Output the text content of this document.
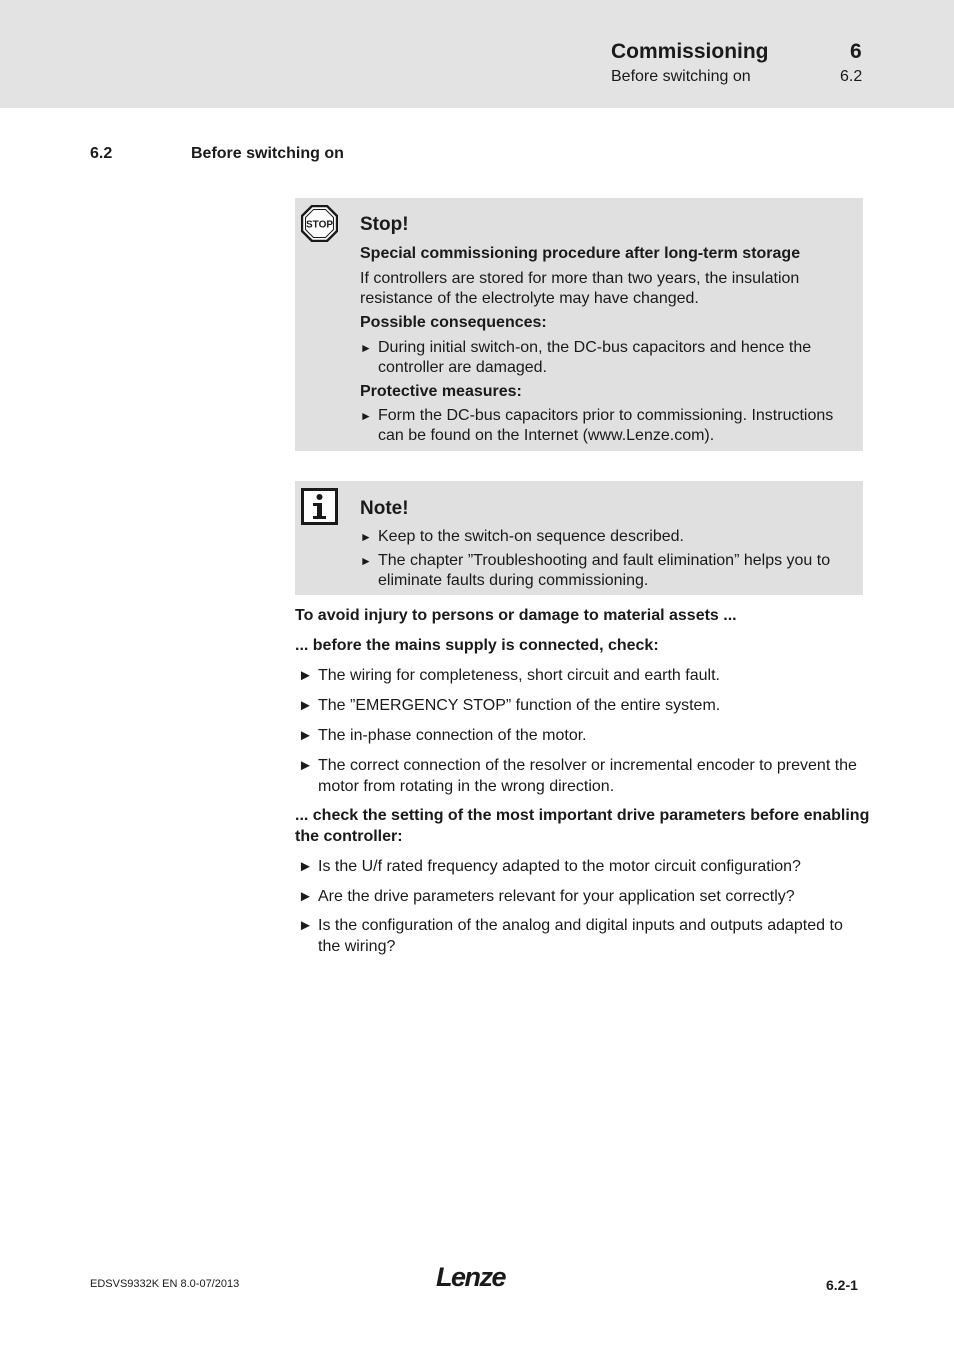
Commissioning	6
Before switching on	6.2
6.2	Before switching on
STOP Stop!
Special commissioning procedure after long-term storage
If controllers are stored for more than two years, the insulation resistance of the electrolyte may have changed.
Possible consequences:
► During initial switch-on, the DC-bus capacitors and hence the controller are damaged.
Protective measures:
► Form the DC-bus capacitors prior to commissioning. Instructions can be found on the Internet (www.Lenze.com).
Note!
► Keep to the switch-on sequence described.
► The chapter ”Troubleshooting and fault elimination” helps you to eliminate faults during commissioning.
To avoid injury to persons or damage to material assets ...
... before the mains supply is connected, check:
► The wiring for completeness, short circuit and earth fault.
► The ”EMERGENCY STOP” function of the entire system.
► The in-phase connection of the motor.
► The correct connection of the resolver or incremental encoder to prevent the motor from rotating in the wrong direction.
... check the setting of the most important drive parameters before enabling the controller:
► Is the U/f rated frequency adapted to the motor circuit configuration?
► Are the drive parameters relevant for your application set correctly?
► Is the configuration of the analog and digital inputs and outputs adapted to the wiring?
EDSVS9332K EN 8.0-07/2013	Lenze	6.2-1
